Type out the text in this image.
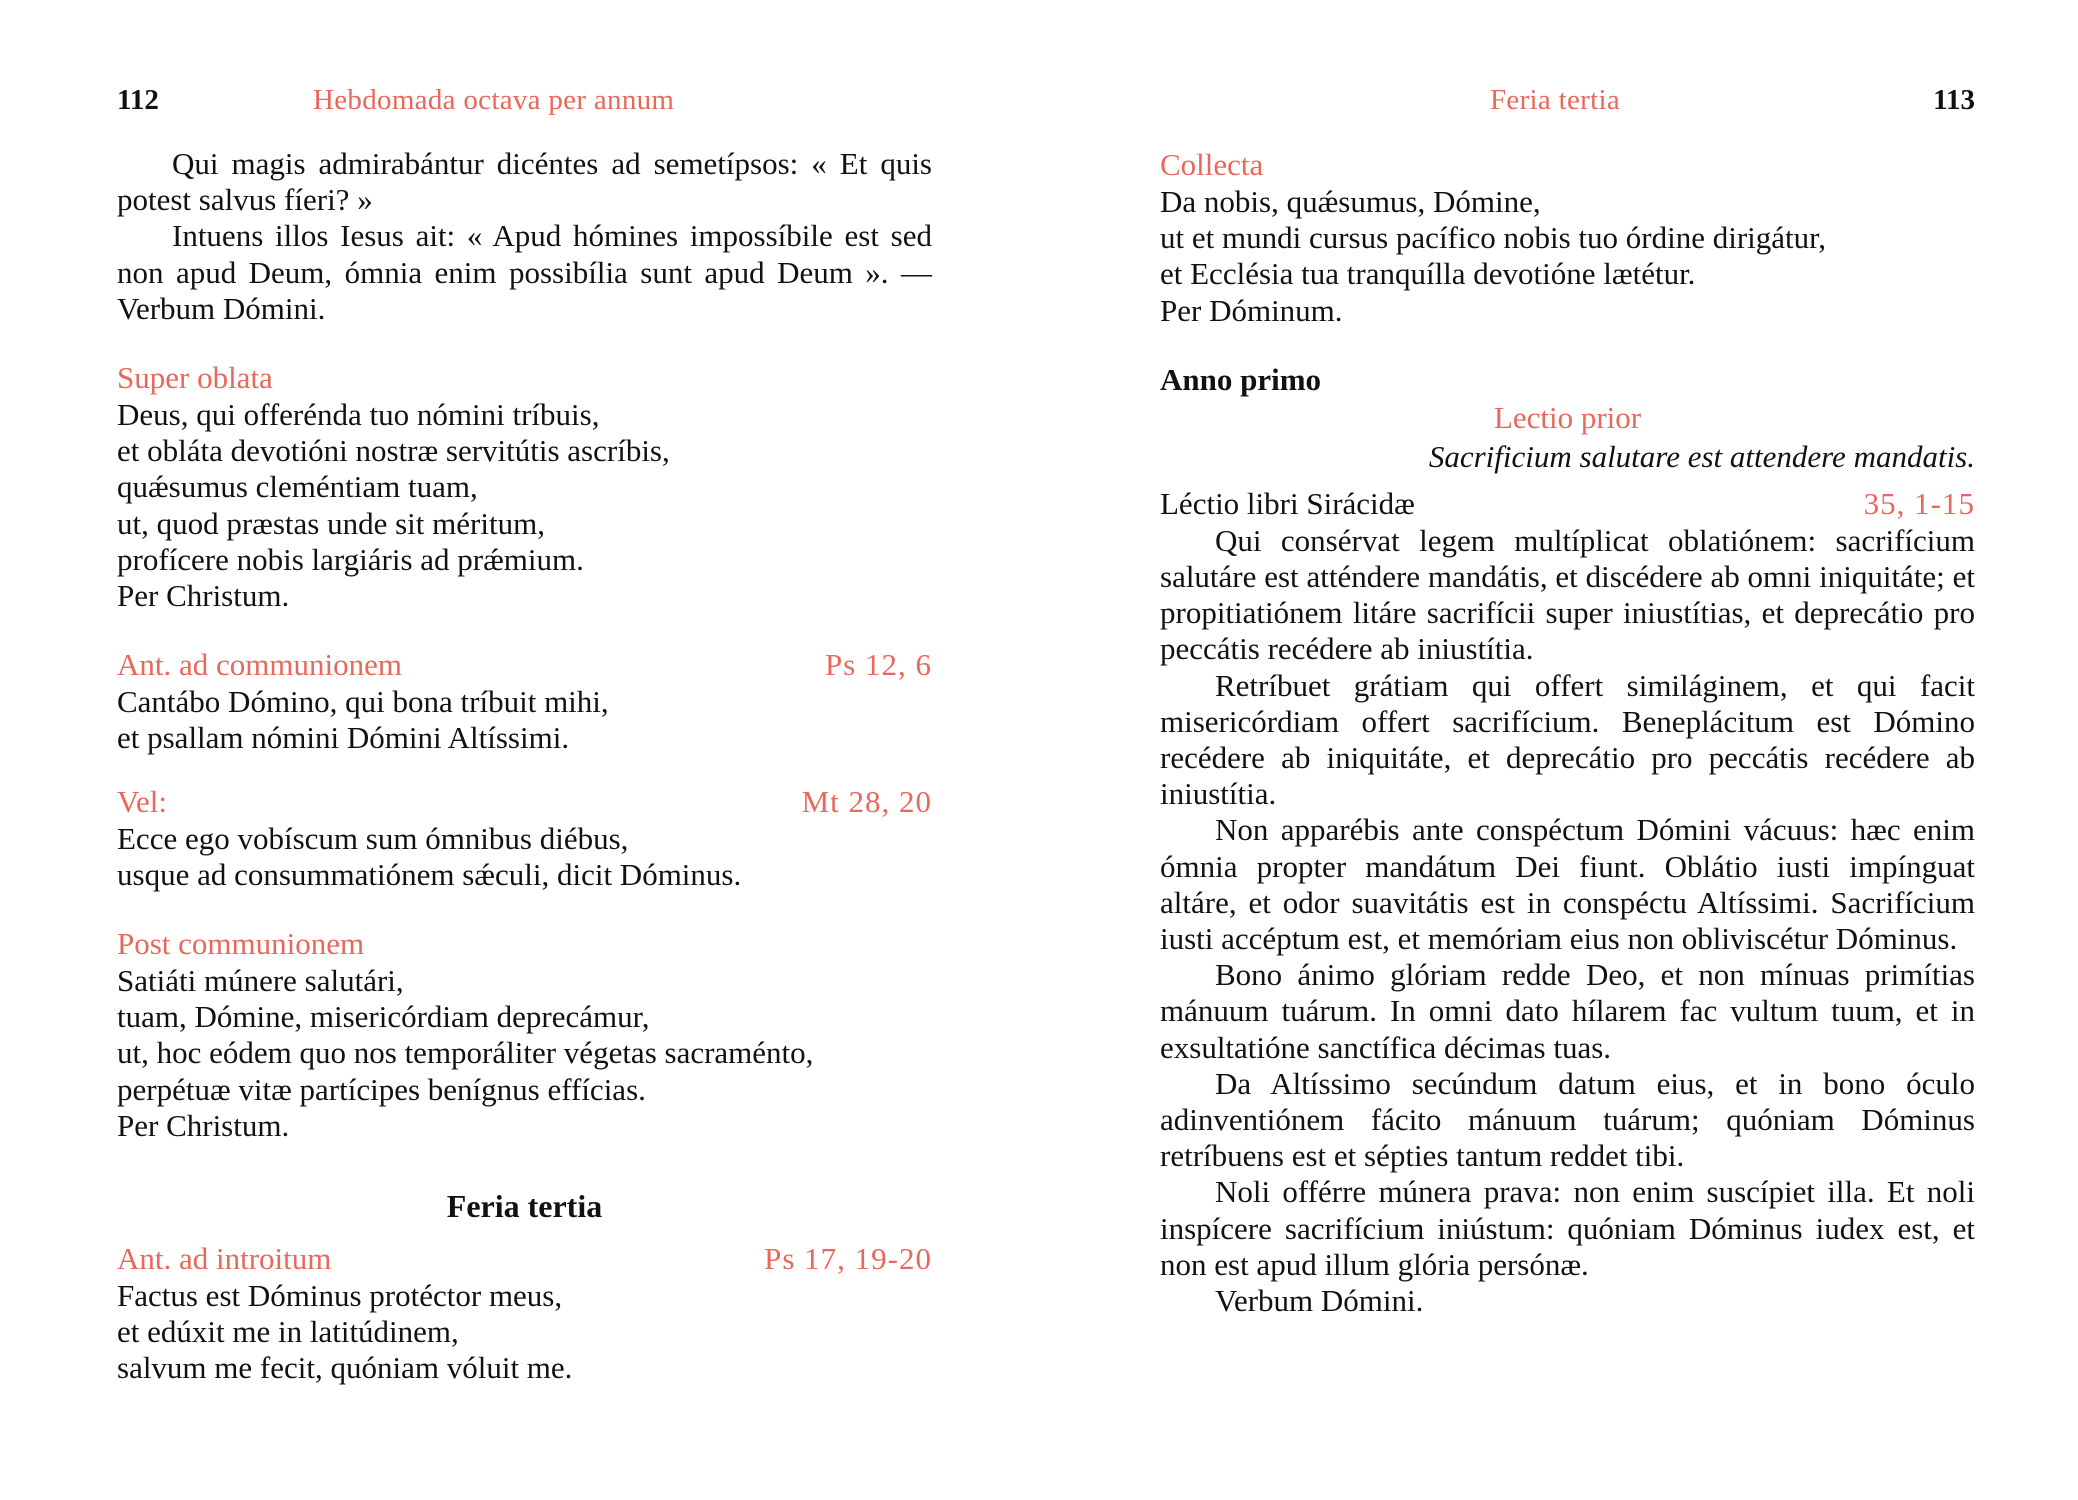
112	Hebdomada octava per annum

Qui magis admirabántur dicéntes ad semetípsos: « Et quis potest salvus fíeri? »

Intuens illos Iesus ait: « Apud hómines impossíbile est sed non apud Deum, ómnia enim possibília sunt apud Deum ». — Verbum Dómini.

Super oblata
Deus, qui offerénda tuo nómini tríbuis,
et obláta devotióni nostræ servitútis ascríbis,
quǽsumus cleméntiam tuam,
ut, quod præstas unde sit méritum,
profícere nobis largiáris ad prǽmium.
Per Christum.
Ant. ad communionem	Ps 12, 6
Cantábo Dómino, qui bona tríbuit mihi,
et psallam nómini Dómini Altíssimi.
Vel:	Mt 28, 20
Ecce ego vobíscum sum ómnibus diébus,
usque ad consummatiónem sǽculi, dicit Dóminus.
Post communionem
Satiáti múnere salutári,
tuam, Dómine, misericórdiam deprecámur,
ut, hoc eódem quo nos temporáliter végetas sacraménto,
perpétuæ vitæ partícipes benígnus effícias.
Per Christum.
Feria tertia
Ant. ad introitum	Ps 17, 19-20
Factus est Dóminus protéctor meus,
et edúxit me in latitúdinem,
salvum me fecit, quóniam vóluit me.
Feria tertia	113
Collecta
Da nobis, quǽsumus, Dómine,
ut et mundi cursus pacífico nobis tuo órdine dirigátur,
et Ecclésia tua tranquílla devotióne lætétur.
Per Dóminum.
Anno primo
Lectio prior
Sacrificium salutare est attendere mandatis.
Léctio libri Sirácidæ	35, 1-15

Qui consérvat legem multíplicat oblatiónem: sacrifícium salutáre est atténdere mandátis, et discédere ab omni iniquitáte; et propitiatiónem litáre sacrifícii super iniustítias, et deprecátio pro peccátis recédere ab iniustítia.

Retríbuet grátiam qui offert similáginem, et qui facit misericórdiam offert sacrifícium. Beneplácitum est Dómino recédere ab iniquitáte, et deprecátio pro peccátis recédere ab iniustítia.

Non apparébis ante conspéctum Dómini vácuus: hæc enim ómnia propter mandátum Dei fiunt. Oblátio iusti impínguat altáre, et odor suavitátis est in conspéctu Altíssimi. Sacrifícium iusti accéptum est, et memóriam eius non obliviscétur Dóminus.

Bono ánimo glóriam redde Deo, et non mínuas primítias mánuum tuárum. In omni dato hílarem fac vultum tuum, et in exsultatióne sanctífica décimas tuas.

Da Altíssimo secúndum datum eius, et in bono óculo adinventiónem fácito mánuum tuárum; quóniam Dóminus retríbuens est et sépties tantum reddet tibi.

Noli offérre múnera prava: non enim suscípiet illa. Et noli inspícere sacrifícium iniústum: quóniam Dóminus iudex est, et non est apud illum glória persónæ.

Verbum Dómini.
